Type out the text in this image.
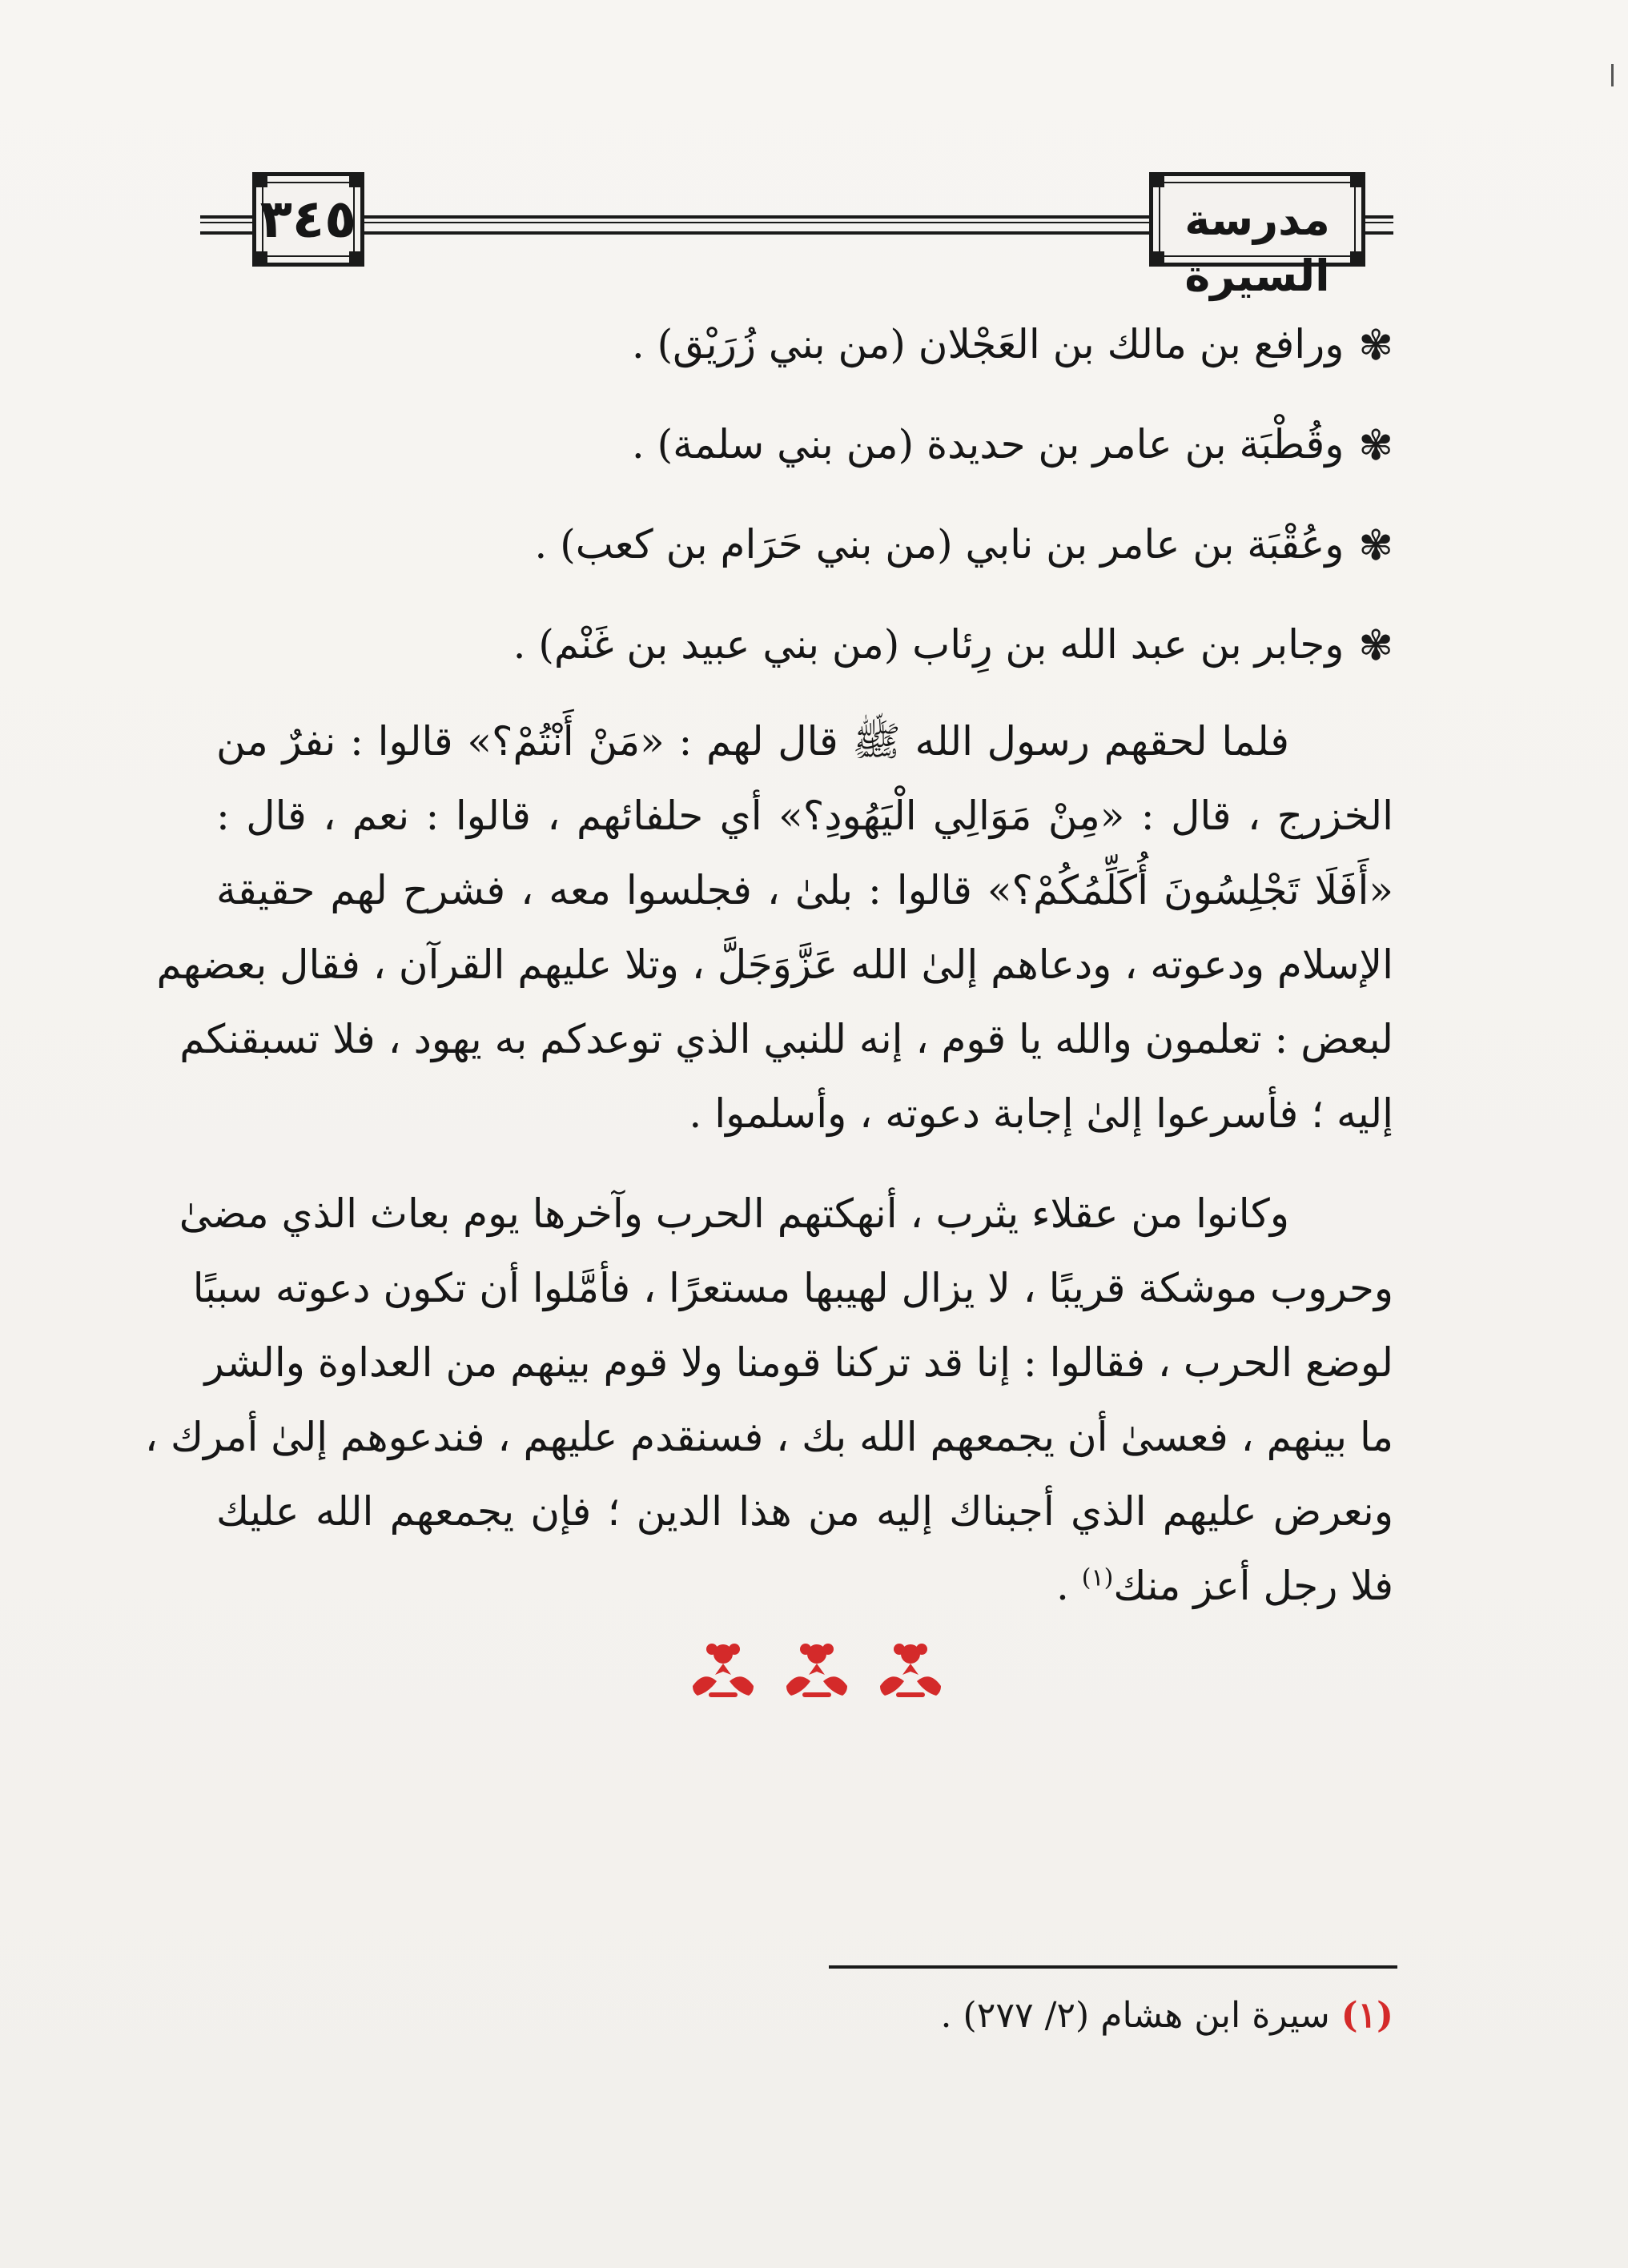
٣٤٥	مدرسة السيرة
✾ورافع بن مالك بن العَجْلان (من بني زُرَيْق) .
✾وقُطْبَة بن عامر بن حديدة (من بني سلمة) .
✾وعُقْبَة بن عامر بن نابي (من بني حَرَام بن كعب) .
✾وجابر بن عبد الله بن رِئاب (من بني عبيد بن غَنْم) .
فلما لحقهم رسول الله ﷺ قال لهم : «مَنْ أَنْتُمْ؟» قالوا : نفرٌ من
الخزرج ، قال : «مِنْ مَوَالِي الْيَهُودِ؟» أي حلفائهم ، قالوا : نعم ، قال :
«أَفَلَا تَجْلِسُونَ أُكَلِّمُكُمْ؟» قالوا : بلىٰ ، فجلسوا معه ، فشرح لهم حقيقة
الإسلام ودعوته ، ودعاهم إلىٰ الله عَزَّوَجَلَّ ، وتلا عليهم القرآن ، فقال بعضهم
لبعض : تعلمون والله يا قوم ، إنه للنبي الذي توعدكم به يهود ، فلا تسبقنكم
إليه ؛ فأسرعوا إلىٰ إجابة دعوته ، وأسلموا .
وكانوا من عقلاء يثرب ، أنهكتهم الحرب وآخرها يوم بعاث الذي مضىٰ
وحروب موشكة قريبًا ، لا يزال لهيبها مستعرًا ، فأمَّلوا أن تكون دعوته سببًا
لوضع الحرب ، فقالوا : إنا قد تركنا قومنا ولا قوم بينهم من العداوة والشر
ما بينهم ، فعسىٰ أن يجمعهم الله بك ، فسنقدم عليهم ، فندعوهم إلىٰ أمرك ،
ونعرض عليهم الذي أجبناك إليه من هذا الدين ؛ فإن يجمعهم الله عليك
فلا رجل أعز منك$^{(١)}$ .
(١) سيرة ابن هشام (٢/ ٢٧٧) .
